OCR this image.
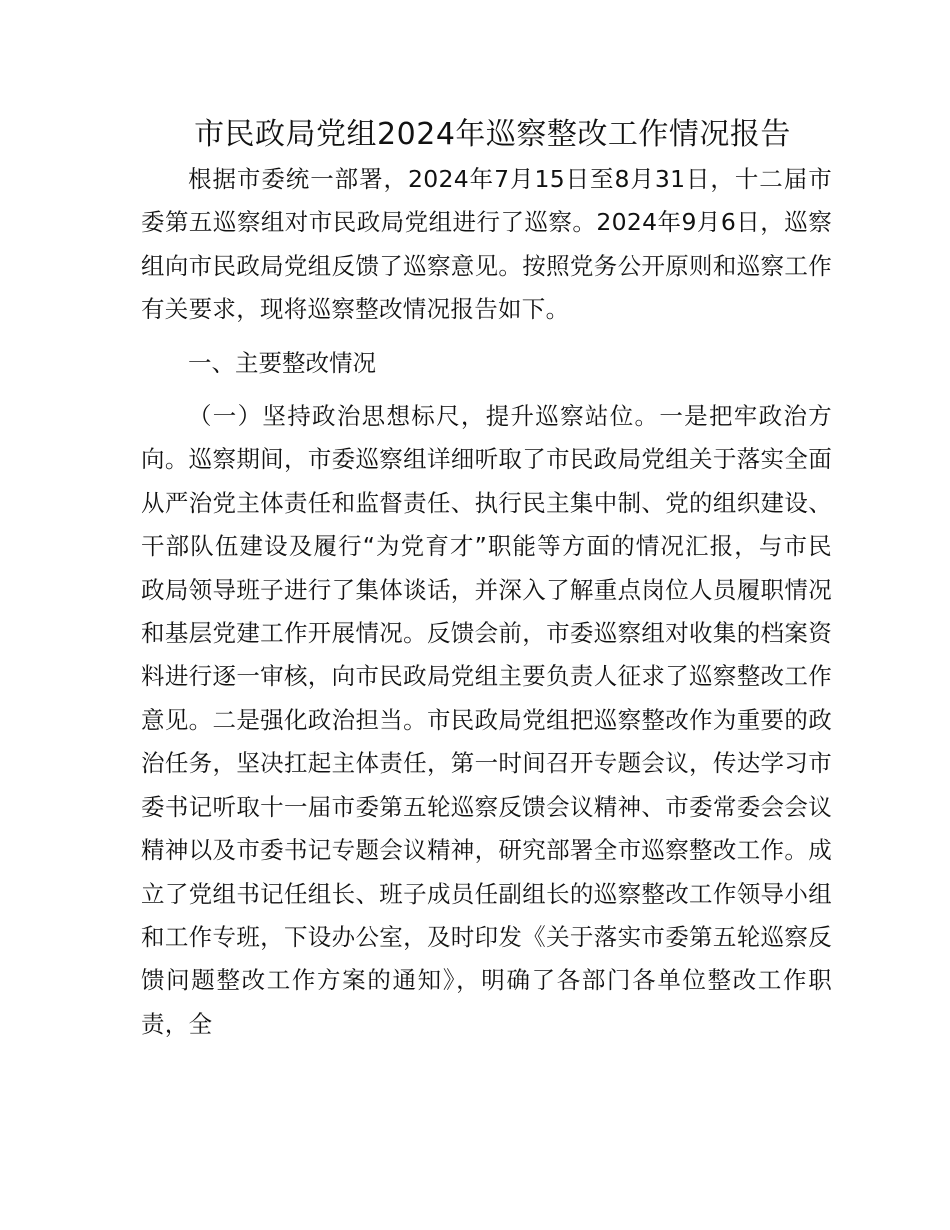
市民政局党组2024年巡察整改工作情况报告

根据市委统一部署，2024年7月15日至8月31日，十二届市委第五巡察组对市民政局党组进行了巡察。2024年9月6日，巡察组向市民政局党组反馈了巡察意见。按照党务公开原则和巡察工作有关要求，现将巡察整改情况报告如下。

一、主要整改情况

（一）坚持政治思想标尺，提升巡察站位。一是把牢政治方向。巡察期间，市委巡察组详细听取了市民政局党组关于落实全面从严治党主体责任和监督责任、执行民主集中制、党的组织建设、干部队伍建设及履行“为党育才”职能等方面的情况汇报，与市民政局领导班子进行了集体谈话，并深入了解重点岗位人员履职情况和基层党建工作开展情况。反馈会前，市委巡察组对收集的档案资料进行逐一审核，向市民政局党组主要负责人征求了巡察整改工作意见。二是强化政治担当。市民政局党组把巡察整改作为重要的政治任务，坚决扛起主体责任，第一时间召开专题会议，传达学习市委书记听取十一届市委第五轮巡察反馈会议精神、市委常委会会议精神以及市委书记专题会议精神，研究部署全市巡察整改工作。成立了党组书记任组长、班子成员任副组长的巡察整改工作领导小组和工作专班，下设办公室，及时印发《关于落实市委第五轮巡察反馈问题整改工作方案的通知》，明确了各部门各单位整改工作职责，全
